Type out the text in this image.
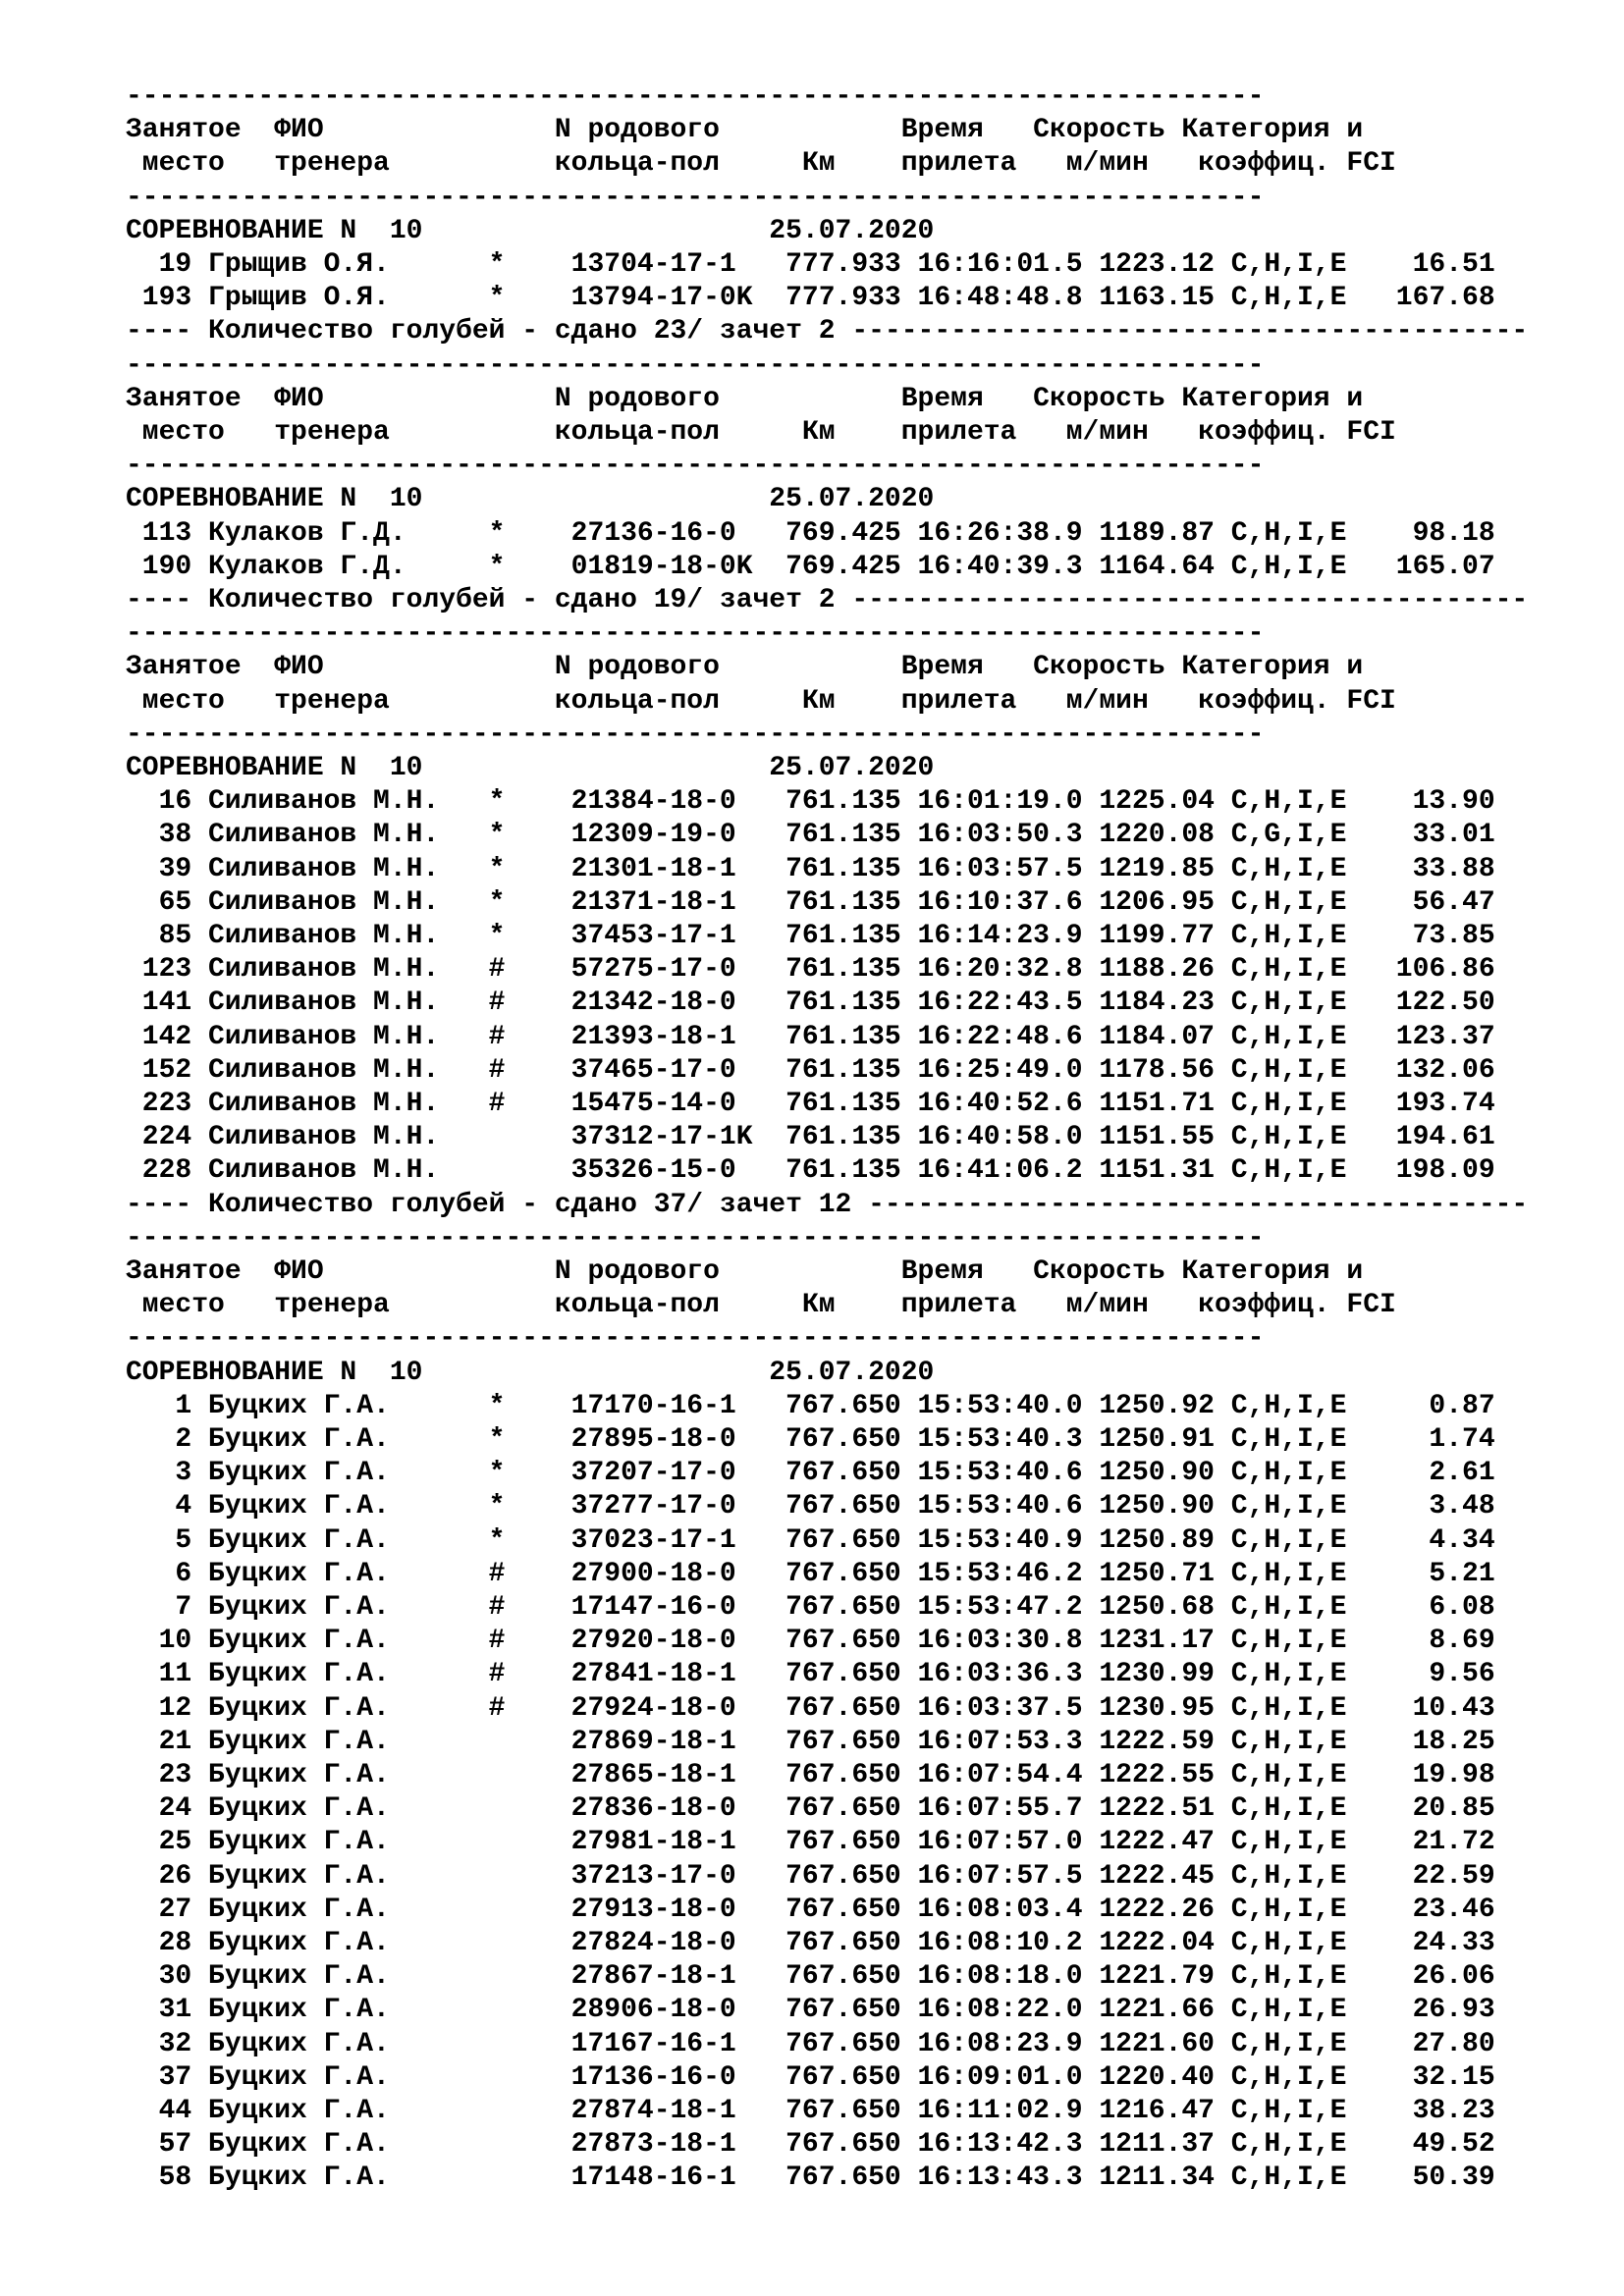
---------------------------------------------------------------------
Занятое  ФИО              N родового           Время   Скорость Категория и
место   тренера          кольца-пол     Км    прилета   м/мин   коэффиц. FCI
---------------------------------------------------------------------
СОРЕВНОВАНИЕ N  10                     25.07.2020
19 Грыщив О.Я.      *    13704-17-1   777.933 16:16:01.5 1223.12 C,H,I,E    16.51
193 Грыщив О.Я.      *    13794-17-0K  777.933 16:48:48.8 1163.15 C,H,I,E   167.68
---- Количество голубей - сдано 23/ зачет 2 -----------------------------------------
---------------------------------------------------------------------
Занятое  ФИО              N родового           Время   Скорость Категория и
место   тренера          кольца-пол     Км    прилета   м/мин   коэффиц. FCI
---------------------------------------------------------------------
СОРЕВНОВАНИЕ N  10                     25.07.2020
113 Кулаков Г.Д.     *    27136-16-0   769.425 16:26:38.9 1189.87 C,H,I,E    98.18
190 Кулаков Г.Д.     *    01819-18-0K  769.425 16:40:39.3 1164.64 C,H,I,E   165.07
---- Количество голубей - сдано 19/ зачет 2 -----------------------------------------
---------------------------------------------------------------------
Занятое  ФИО              N родового           Время   Скорость Категория и
место   тренера          кольца-пол     Км    прилета   м/мин   коэффиц. FCI
---------------------------------------------------------------------
СОРЕВНОВАНИЕ N  10                     25.07.2020
16 Силиванов М.Н.   *    21384-18-0   761.135 16:01:19.0 1225.04 C,H,I,E    13.90
38 Силиванов М.Н.   *    12309-19-0   761.135 16:03:50.3 1220.08 C,G,I,E    33.01
39 Силиванов М.Н.   *    21301-18-1   761.135 16:03:57.5 1219.85 C,H,I,E    33.88
65 Силиванов М.Н.   *    21371-18-1   761.135 16:10:37.6 1206.95 C,H,I,E    56.47
85 Силиванов М.Н.   *    37453-17-1   761.135 16:14:23.9 1199.77 C,H,I,E    73.85
123 Силиванов М.Н.   #    57275-17-0   761.135 16:20:32.8 1188.26 C,H,I,E   106.86
141 Силиванов М.Н.   #    21342-18-0   761.135 16:22:43.5 1184.23 C,H,I,E   122.50
142 Силиванов М.Н.   #    21393-18-1   761.135 16:22:48.6 1184.07 C,H,I,E   123.37
152 Силиванов М.Н.   #    37465-17-0   761.135 16:25:49.0 1178.56 C,H,I,E   132.06
223 Силиванов М.Н.   #    15475-14-0   761.135 16:40:52.6 1151.71 C,H,I,E   193.74
224 Силиванов М.Н.        37312-17-1K  761.135 16:40:58.0 1151.55 C,H,I,E   194.61
228 Силиванов М.Н.        35326-15-0   761.135 16:41:06.2 1151.31 C,H,I,E   198.09
---- Количество голубей - сдано 37/ зачет 12 ----------------------------------------
---------------------------------------------------------------------
Занятое  ФИО              N родового           Время   Скорость Категория и
место   тренера          кольца-пол     Км    прилета   м/мин   коэффиц. FCI
---------------------------------------------------------------------
СОРЕВНОВАНИЕ N  10                     25.07.2020
1 Буцких Г.А.      *    17170-16-1   767.650 15:53:40.0 1250.92 C,H,I,E     0.87
2 Буцких Г.А.      *    27895-18-0   767.650 15:53:40.3 1250.91 C,H,I,E     1.74
3 Буцких Г.А.      *    37207-17-0   767.650 15:53:40.6 1250.90 C,H,I,E     2.61
4 Буцких Г.А.      *    37277-17-0   767.650 15:53:40.6 1250.90 C,H,I,E     3.48
5 Буцких Г.А.      *    37023-17-1   767.650 15:53:40.9 1250.89 C,H,I,E     4.34
6 Буцких Г.А.      #    27900-18-0   767.650 15:53:46.2 1250.71 C,H,I,E     5.21
7 Буцких Г.А.      #    17147-16-0   767.650 15:53:47.2 1250.68 C,H,I,E     6.08
10 Буцких Г.А.      #    27920-18-0   767.650 16:03:30.8 1231.17 C,H,I,E     8.69
11 Буцких Г.А.      #    27841-18-1   767.650 16:03:36.3 1230.99 C,H,I,E     9.56
12 Буцких Г.А.      #    27924-18-0   767.650 16:03:37.5 1230.95 C,H,I,E    10.43
21 Буцких Г.А.           27869-18-1   767.650 16:07:53.3 1222.59 C,H,I,E    18.25
23 Буцких Г.А.           27865-18-1   767.650 16:07:54.4 1222.55 C,H,I,E    19.98
24 Буцких Г.А.           27836-18-0   767.650 16:07:55.7 1222.51 C,H,I,E    20.85
25 Буцких Г.А.           27981-18-1   767.650 16:07:57.0 1222.47 C,H,I,E    21.72
26 Буцких Г.А.           37213-17-0   767.650 16:07:57.5 1222.45 C,H,I,E    22.59
27 Буцких Г.А.           27913-18-0   767.650 16:08:03.4 1222.26 C,H,I,E    23.46
28 Буцких Г.А.           27824-18-0   767.650 16:08:10.2 1222.04 C,H,I,E    24.33
30 Буцких Г.А.           27867-18-1   767.650 16:08:18.0 1221.79 C,H,I,E    26.06
31 Буцких Г.А.           28906-18-0   767.650 16:08:22.0 1221.66 C,H,I,E    26.93
32 Буцких Г.А.           17167-16-1   767.650 16:08:23.9 1221.60 C,H,I,E    27.80
37 Буцких Г.А.           17136-16-0   767.650 16:09:01.0 1220.40 C,H,I,E    32.15
44 Буцких Г.А.           27874-18-1   767.650 16:11:02.9 1216.47 C,H,I,E    38.23
57 Буцких Г.А.           27873-18-1   767.650 16:13:42.3 1211.37 C,H,I,E    49.52
58 Буцких Г.А.           17148-16-1   767.650 16:13:43.3 1211.34 C,H,I,E    50.39
